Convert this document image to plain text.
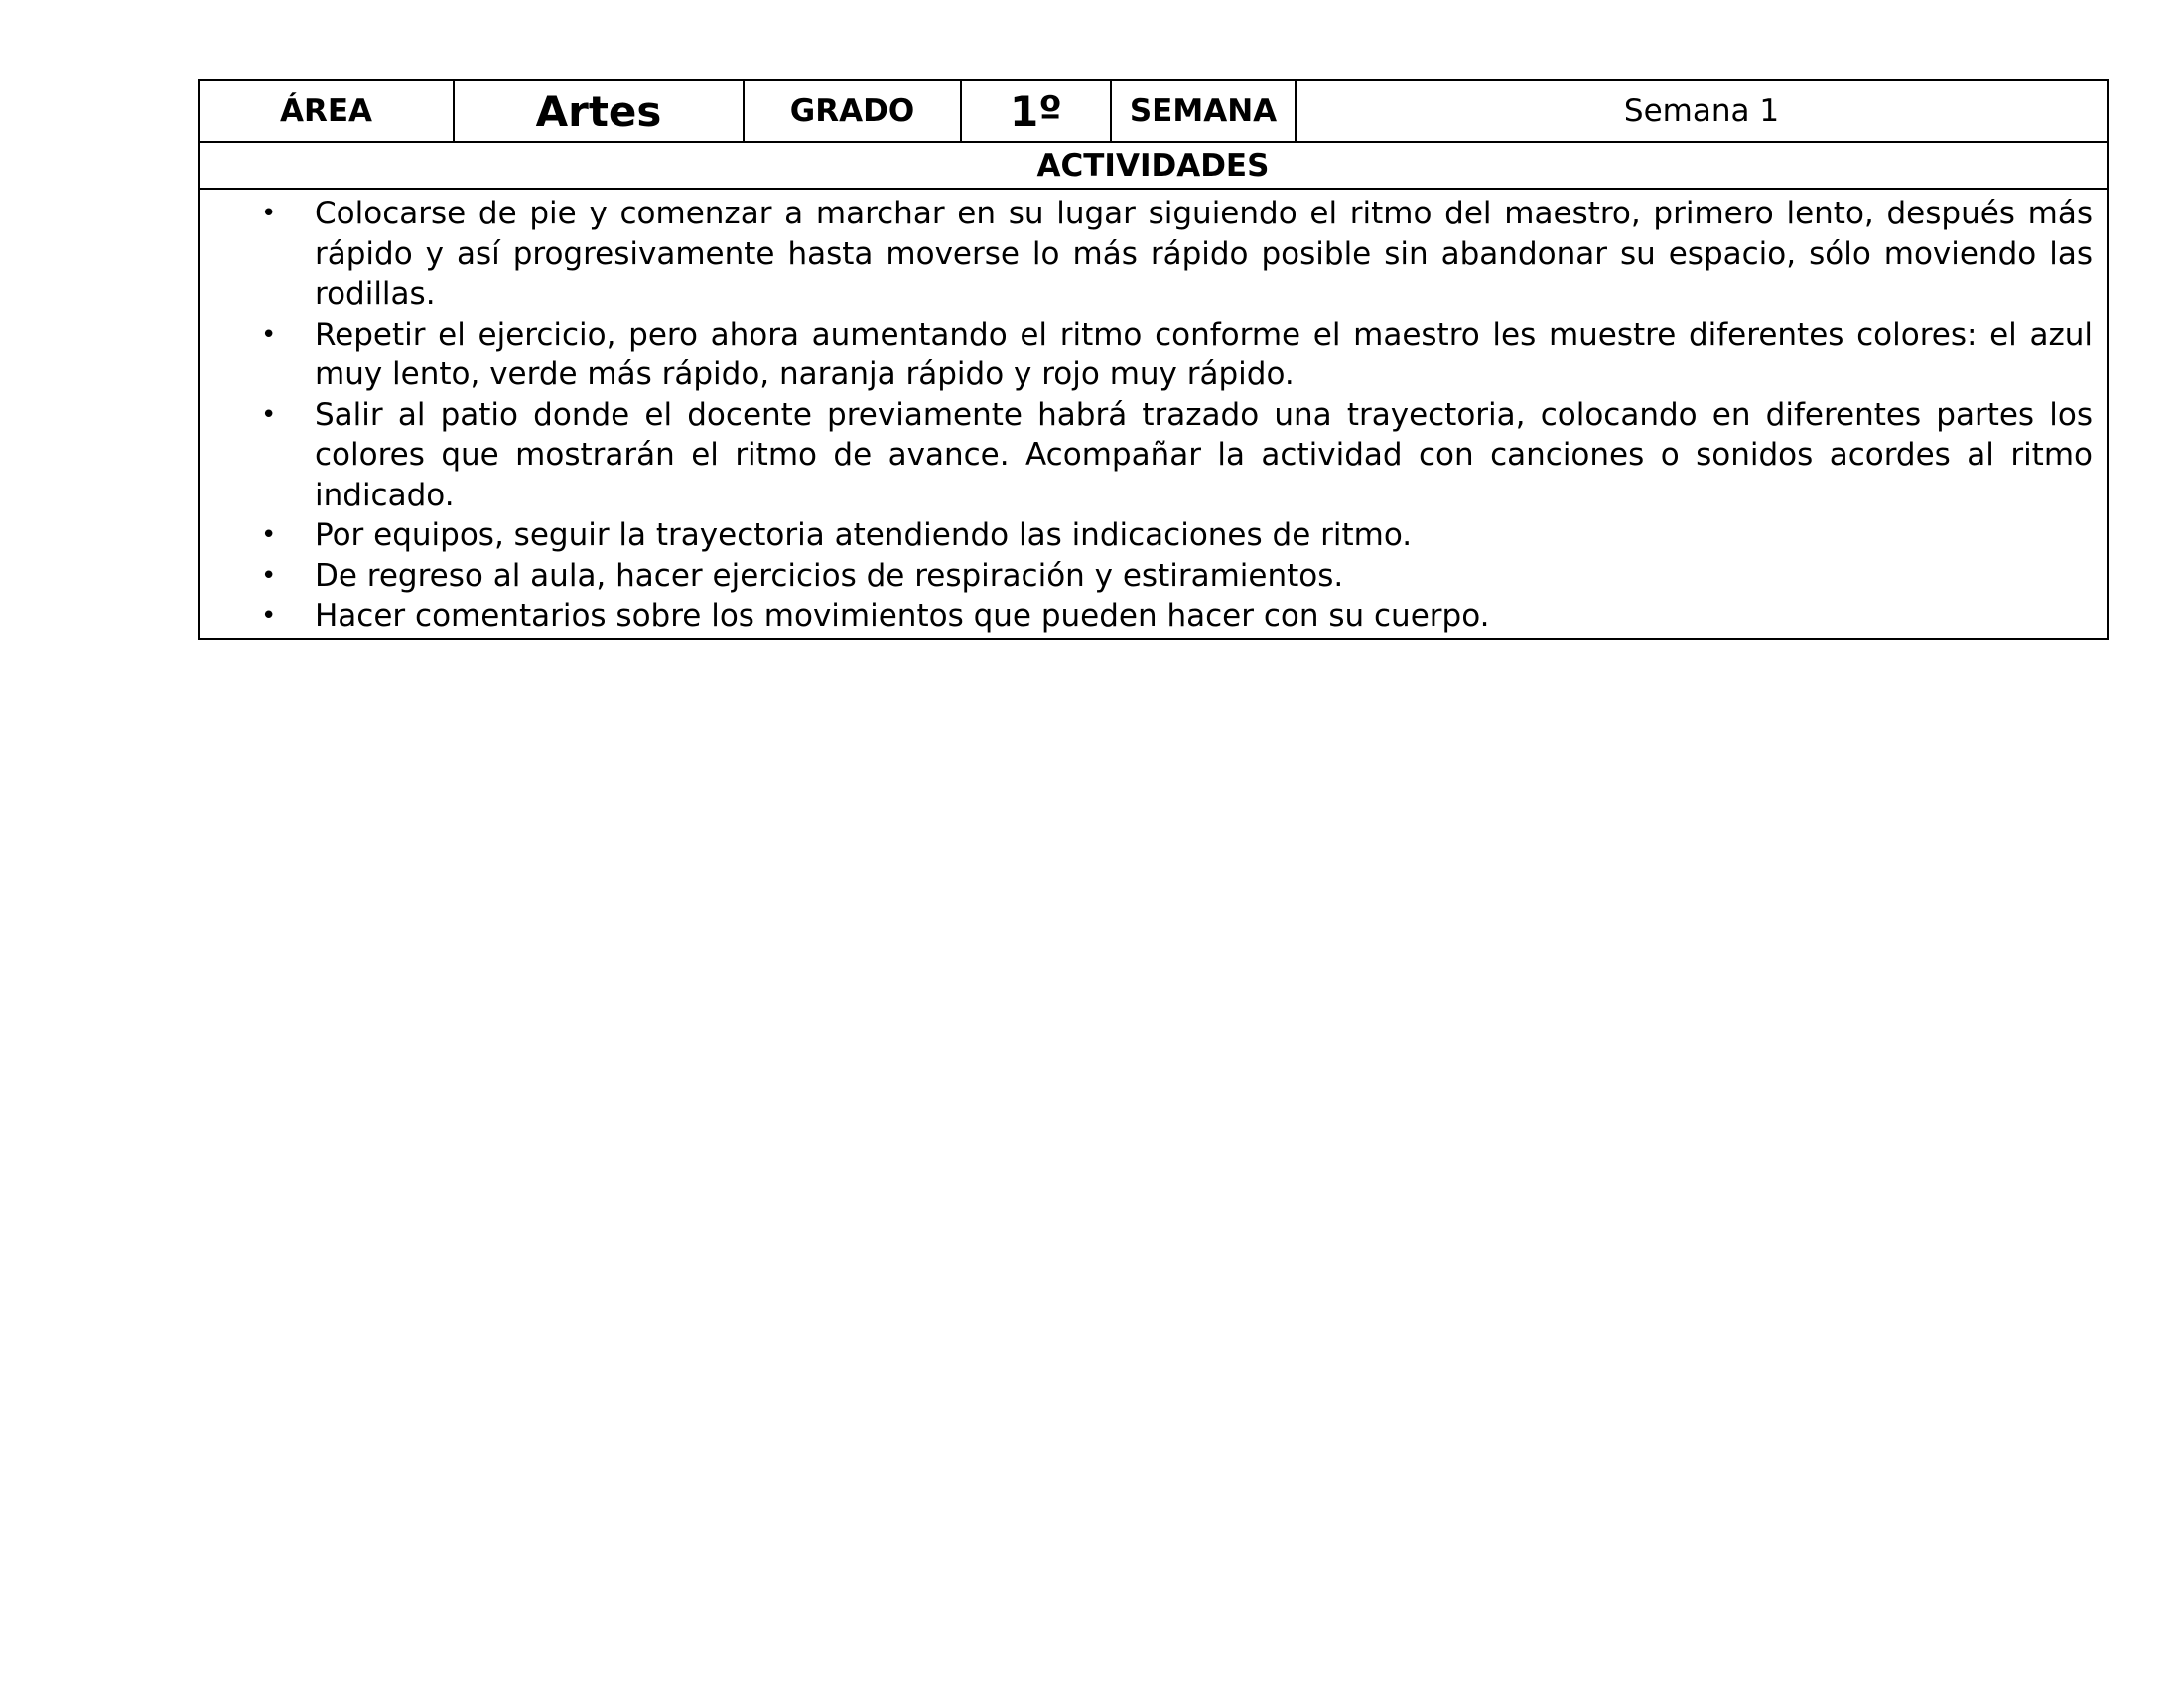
ÁREA	Artes	GRADO	1º	SEMANA	Semana 1
ACTIVIDADES

• Colocarse de pie y comenzar a marchar en su lugar siguiendo el ritmo del maestro, primero lento, después más rápido y así progresivamente hasta moverse lo más rápido posible sin abandonar su espacio, sólo moviendo las rodillas.
• Repetir el ejercicio, pero ahora aumentando el ritmo conforme el maestro les muestre diferentes colores: el azul muy lento, verde más rápido, naranja rápido y rojo muy rápido.
• Salir al patio donde el docente previamente habrá trazado una trayectoria, colocando en diferentes partes los colores que mostrarán el ritmo de avance. Acompañar la actividad con canciones o sonidos acordes al ritmo indicado.
• Por equipos, seguir la trayectoria atendiendo las indicaciones de ritmo.
• De regreso al aula, hacer ejercicios de respiración y estiramientos.
• Hacer comentarios sobre los movimientos que pueden hacer con su cuerpo.
